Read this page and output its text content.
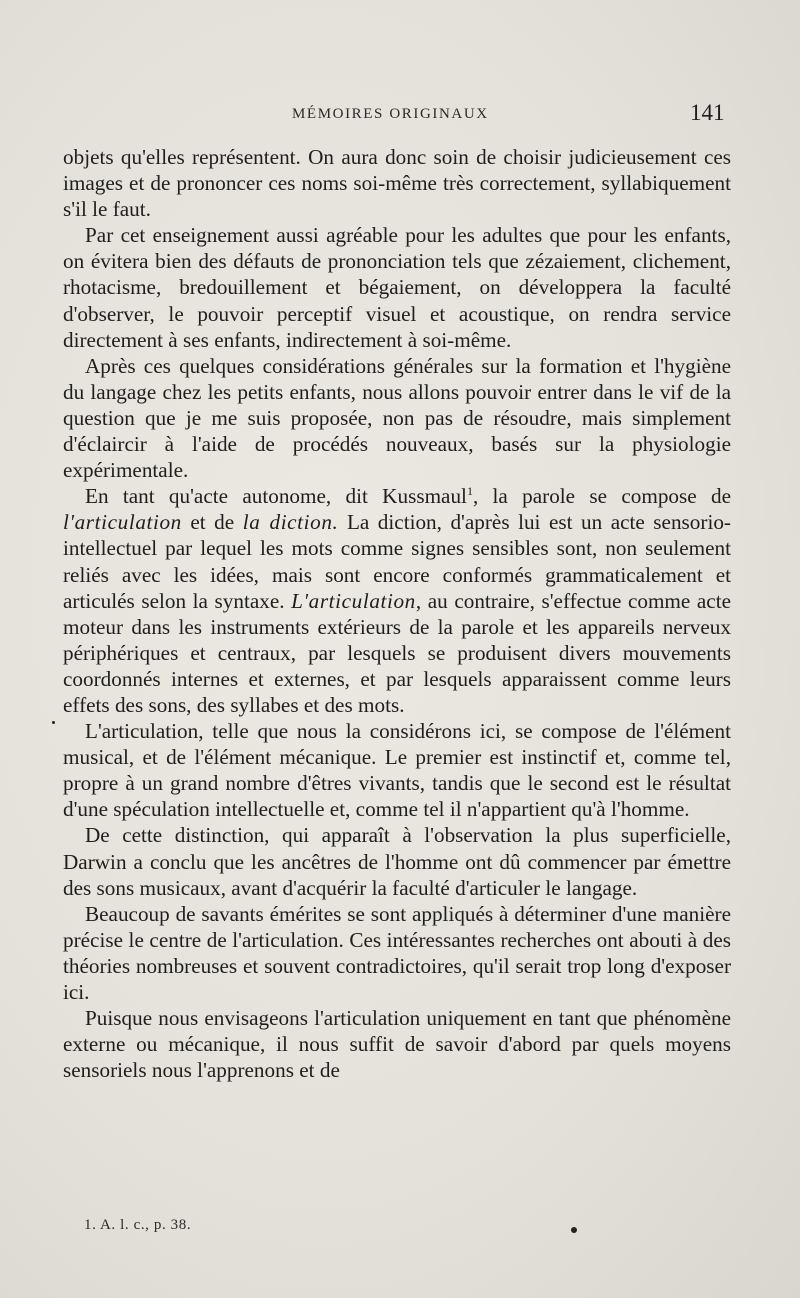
MÉMOIRES ORIGINAUX	141

objets qu'elles représentent. On aura donc soin de choisir judicieusement ces images et de prononcer ces noms soi-même très correctement, syllabiquement s'il le faut.

Par cet enseignement aussi agréable pour les adultes que pour les enfants, on évitera bien des défauts de prononciation tels que zézaiement, clichement, rhotacisme, bredouillement et bégaiement, on développera la faculté d'observer, le pouvoir perceptif visuel et acoustique, on rendra service directement à ses enfants, indirectement à soi-même.

Après ces quelques considérations générales sur la formation et l'hygiène du langage chez les petits enfants, nous allons pouvoir entrer dans le vif de la question que je me suis proposée, non pas de résoudre, mais simplement d'éclaircir à l'aide de procédés nouveaux, basés sur la physiologie expérimentale.

En tant qu'acte autonome, dit Kussmaul$^1$, la parole se compose de l'articulation et de la diction. La diction, d'après lui est un acte sensorio-intellectuel par lequel les mots comme signes sensibles sont, non seulement reliés avec les idées, mais sont encore conformés grammaticalement et articulés selon la syntaxe. L'articulation, au contraire, s'effectue comme acte moteur dans les instruments extérieurs de la parole et les appareils nerveux périphériques et centraux, par lesquels se produisent divers mouvements coordonnés internes et externes, et par lesquels apparaissent comme leurs effets des sons, des syllabes et des mots.

L'articulation, telle que nous la considérons ici, se compose de l'élément musical, et de l'élément mécanique. Le premier est instinctif et, comme tel, propre à un grand nombre d'êtres vivants, tandis que le second est le résultat d'une spéculation intellectuelle et, comme tel il n'appartient qu'à l'homme.

De cette distinction, qui apparaît à l'observation la plus superficielle, Darwin a conclu que les ancêtres de l'homme ont dû commencer par émettre des sons musicaux, avant d'acquérir la faculté d'articuler le langage.

Beaucoup de savants émérites se sont appliqués à déterminer d'une manière précise le centre de l'articulation. Ces intéressantes recherches ont abouti à des théories nombreuses et souvent contradictoires, qu'il serait trop long d'exposer ici.

Puisque nous envisageons l'articulation uniquement en tant que phénomène externe ou mécanique, il nous suffit de savoir d'abord par quels moyens sensoriels nous l'apprenons et de

1. A. l. c., p. 38.
